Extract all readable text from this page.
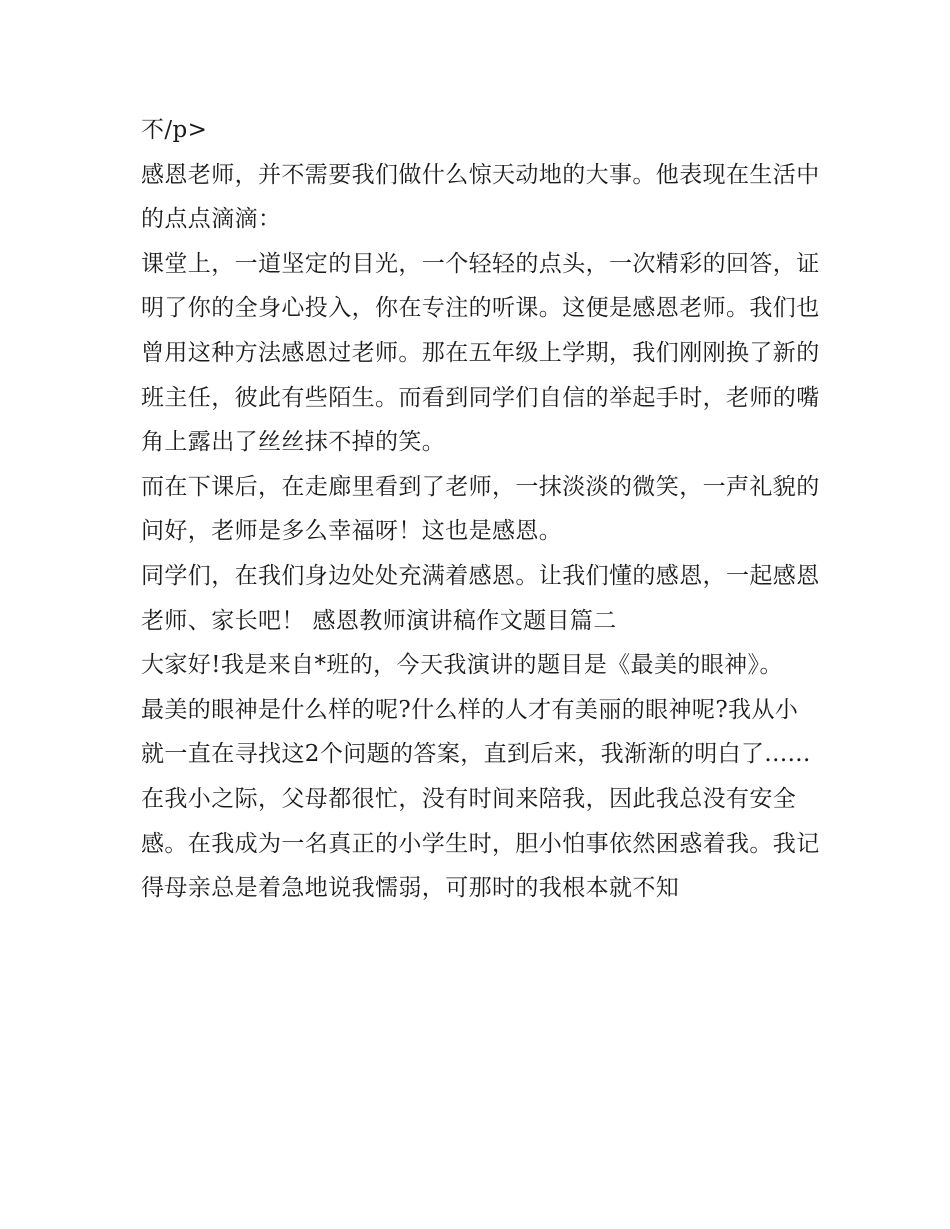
不/p>

感恩老师，并不需要我们做什么惊天动地的大事。他表现在生活中的点点滴滴：

课堂上，一道坚定的目光，一个轻轻的点头，一次精彩的回答，证明了你的全身心投入，你在专注的听课。这便是感恩老师。我们也曾用这种方法感恩过老师。那在五年级上学期，我们刚刚换了新的班主任，彼此有些陌生。而看到同学们自信的举起手时，老师的嘴角上露出了丝丝抹不掉的笑。

而在下课后，在走廊里看到了老师，一抹淡淡的微笑，一声礼貌的问好，老师是多么幸福呀！这也是感恩。

同学们，在我们身边处处充满着感恩。让我们懂的感恩，一起感恩老师、家长吧！ 感恩教师演讲稿作文题目篇二

大家好!我是来自*班的，今天我演讲的题目是《最美的眼神》。

最美的眼神是什么样的呢?什么样的人才有美丽的眼神呢?我从小就一直在寻找这2个问题的答案，直到后来，我渐渐的明白了......

在我小之际，父母都很忙，没有时间来陪我，因此我总没有安全感。在我成为一名真正的小学生时，胆小怕事依然困惑着我。我记得母亲总是着急地说我懦弱，可那时的我根本就不知
